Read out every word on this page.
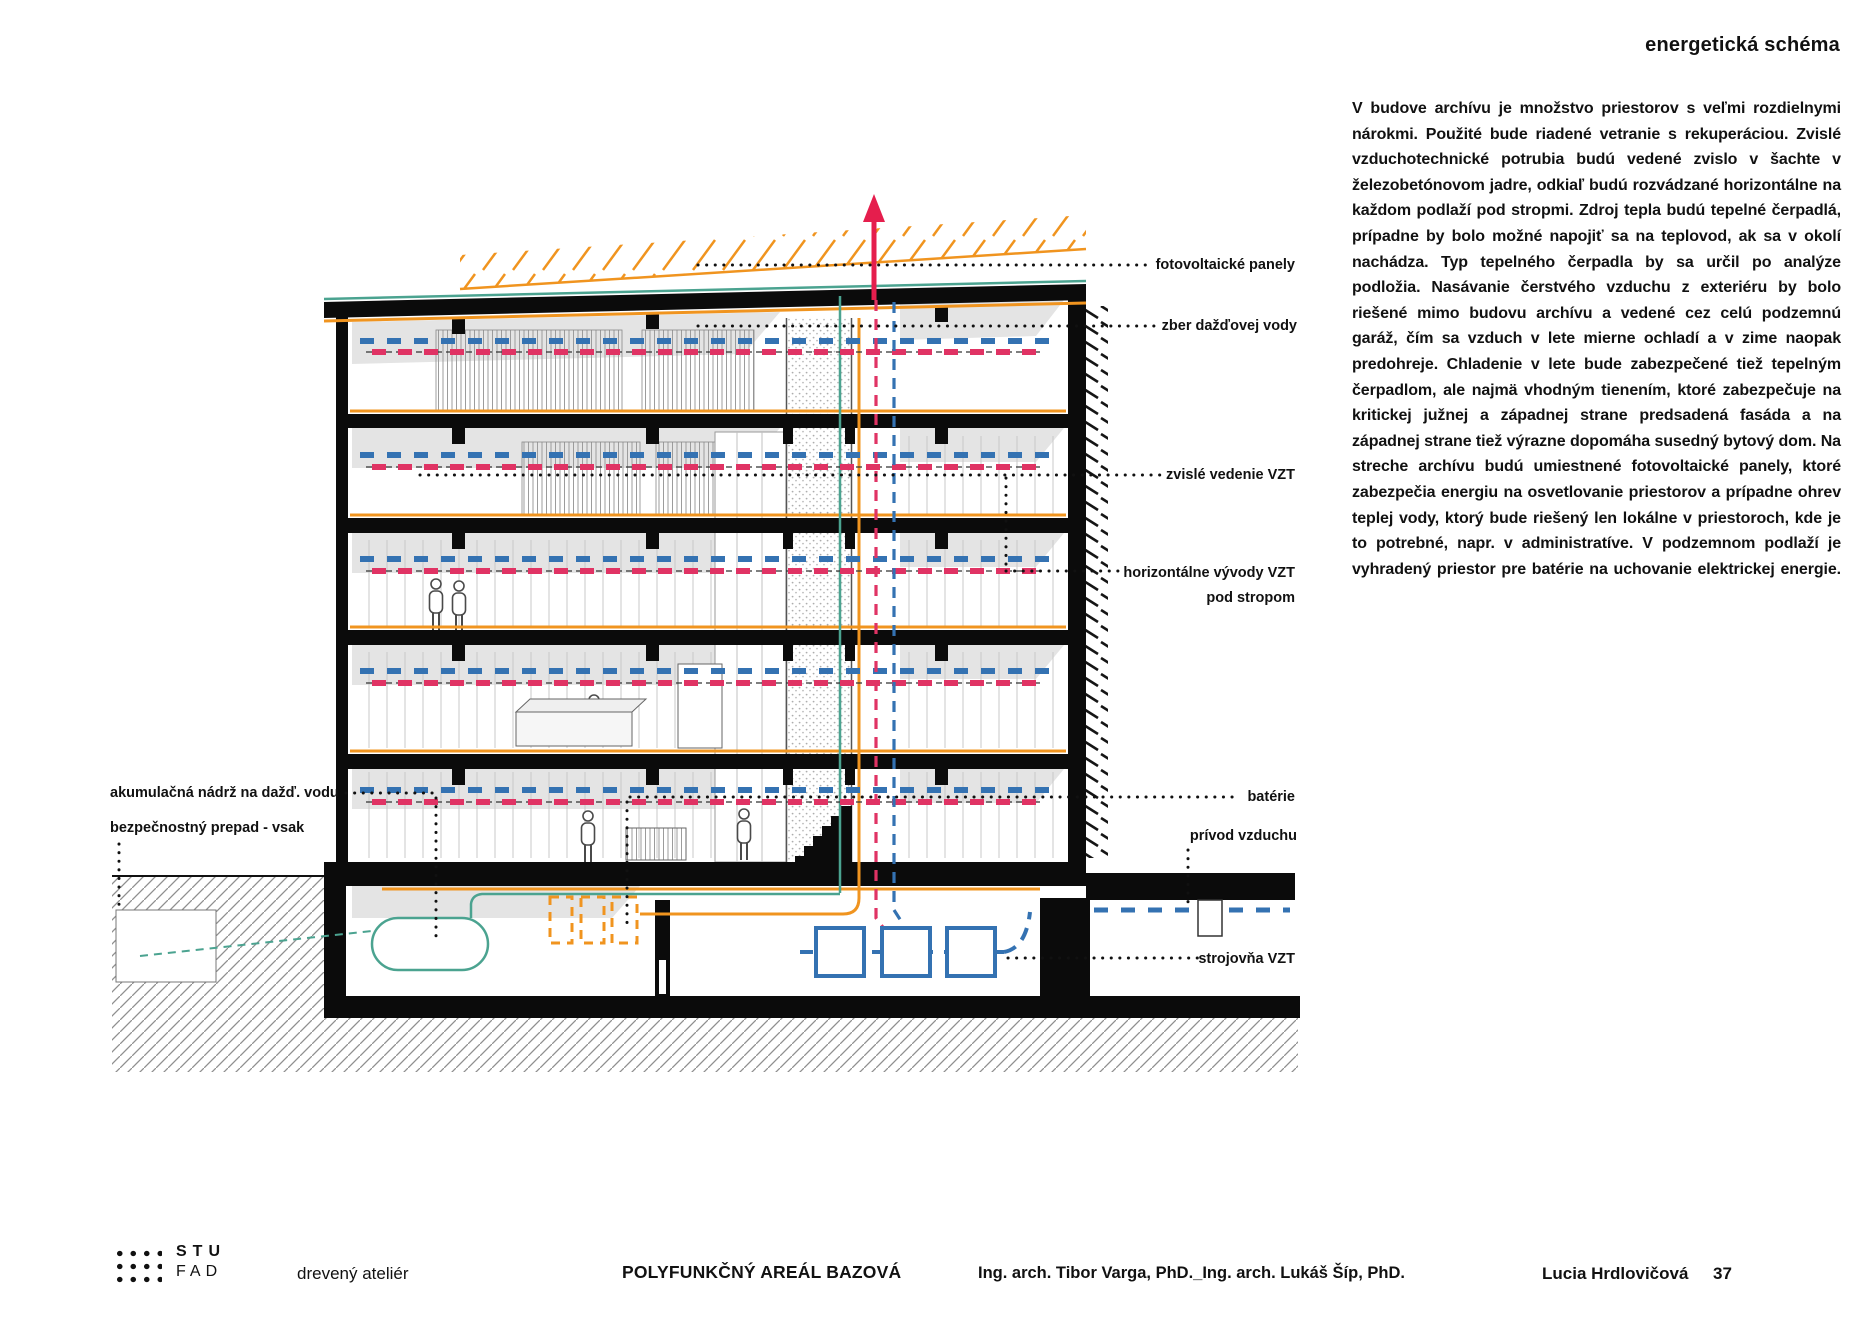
energetická schéma
V budove archívu je množstvo priestorov s veľmi rozdielnymi nárokmi. Použité bude riadené vetranie s rekuperáciou. Zvislé vzduchotechnické potrubia budú vedené zvislo v šachte v železobetónovom jadre, odkiaľ budú rozvádzané horizontálne na každom podlaží pod stropmi. Zdroj tepla budú tepelné čerpadlá, prípadne by bolo možné napojiť sa na teplovod, ak sa v okolí nachádza. Typ tepelného čerpadla by sa určil po analýze podložia. Nasávanie čerstvého vzduchu z exteriéru by bolo riešené mimo budovu archívu a vedené cez celú podzemnú garáž, čím sa vzduch v lete mierne ochladí a v zime naopak predohreje. Chladenie v lete bude zabezpečené tiež tepelným čerpadlom, ale najmä vhodným tienením, ktoré zabezpečuje na kritickej južnej a západnej strane predsadená fasáda a na západnej strane tiež výrazne dopomáha susedný bytový dom. Na streche archívu budú umiestnené fotovoltaické panely, ktoré zabezpečia energiu na osvetlovanie priestorov a prípadne ohrev teplej vody, ktorý bude riešený len lokálne v priestoroch, kde je to potrebné, napr. v administratíve. V podzemnom podlaží je vyhradený priestor pre batérie na uchovanie elektrickej energie.
fotovoltaické panely
zber dažďovej vody
zvislé vedenie VZT
horizontálne vývody VZT
pod stropom
batérie
prívod vzduchu
strojovňa VZT
akumulačná nádrž na dažď. vodu
bezpečnostný prepad - vsak
STU
FAD	drevený ateliér	POLYFUNKČNÝ AREÁL BAZOVÁ	Ing. arch. Tibor Varga, PhD._Ing. arch. Lukáš Šíp, PhD.	Lucia Hrdlovičová 37
